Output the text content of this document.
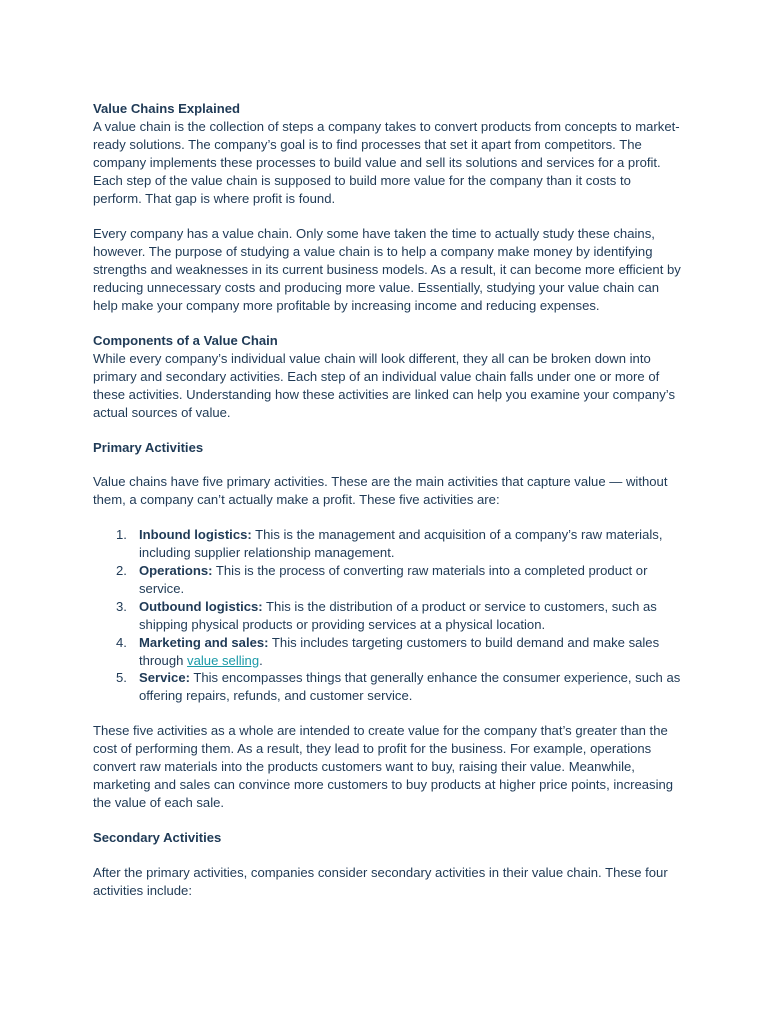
Value Chains Explained

A value chain is the collection of steps a company takes to convert products from concepts to market-ready solutions. The company’s goal is to find processes that set it apart from competitors. The company implements these processes to build value and sell its solutions and services for a profit. Each step of the value chain is supposed to build more value for the company than it costs to perform. That gap is where profit is found.

Every company has a value chain. Only some have taken the time to actually study these chains, however. The purpose of studying a value chain is to help a company make money by identifying strengths and weaknesses in its current business models. As a result, it can become more efficient by reducing unnecessary costs and producing more value. Essentially, studying your value chain can help make your company more profitable by increasing income and reducing expenses.

Components of a Value Chain

While every company’s individual value chain will look different, they all can be broken down into primary and secondary activities. Each step of an individual value chain falls under one or more of these activities. Understanding how these activities are linked can help you examine your company’s actual sources of value.

Primary Activities

Value chains have five primary activities. These are the main activities that capture value — without them, a company can’t actually make a profit. These five activities are:

1. Inbound logistics: This is the management and acquisition of a company’s raw materials, including supplier relationship management.
2. Operations: This is the process of converting raw materials into a completed product or service.
3. Outbound logistics: This is the distribution of a product or service to customers, such as shipping physical products or providing services at a physical location.
4. Marketing and sales: This includes targeting customers to build demand and make sales through value selling.
5. Service: This encompasses things that generally enhance the consumer experience, such as offering repairs, refunds, and customer service.

These five activities as a whole are intended to create value for the company that’s greater than the cost of performing them. As a result, they lead to profit for the business. For example, operations convert raw materials into the products customers want to buy, raising their value. Meanwhile, marketing and sales can convince more customers to buy products at higher price points, increasing the value of each sale.

Secondary Activities

After the primary activities, companies consider secondary activities in their value chain. These four activities include:
